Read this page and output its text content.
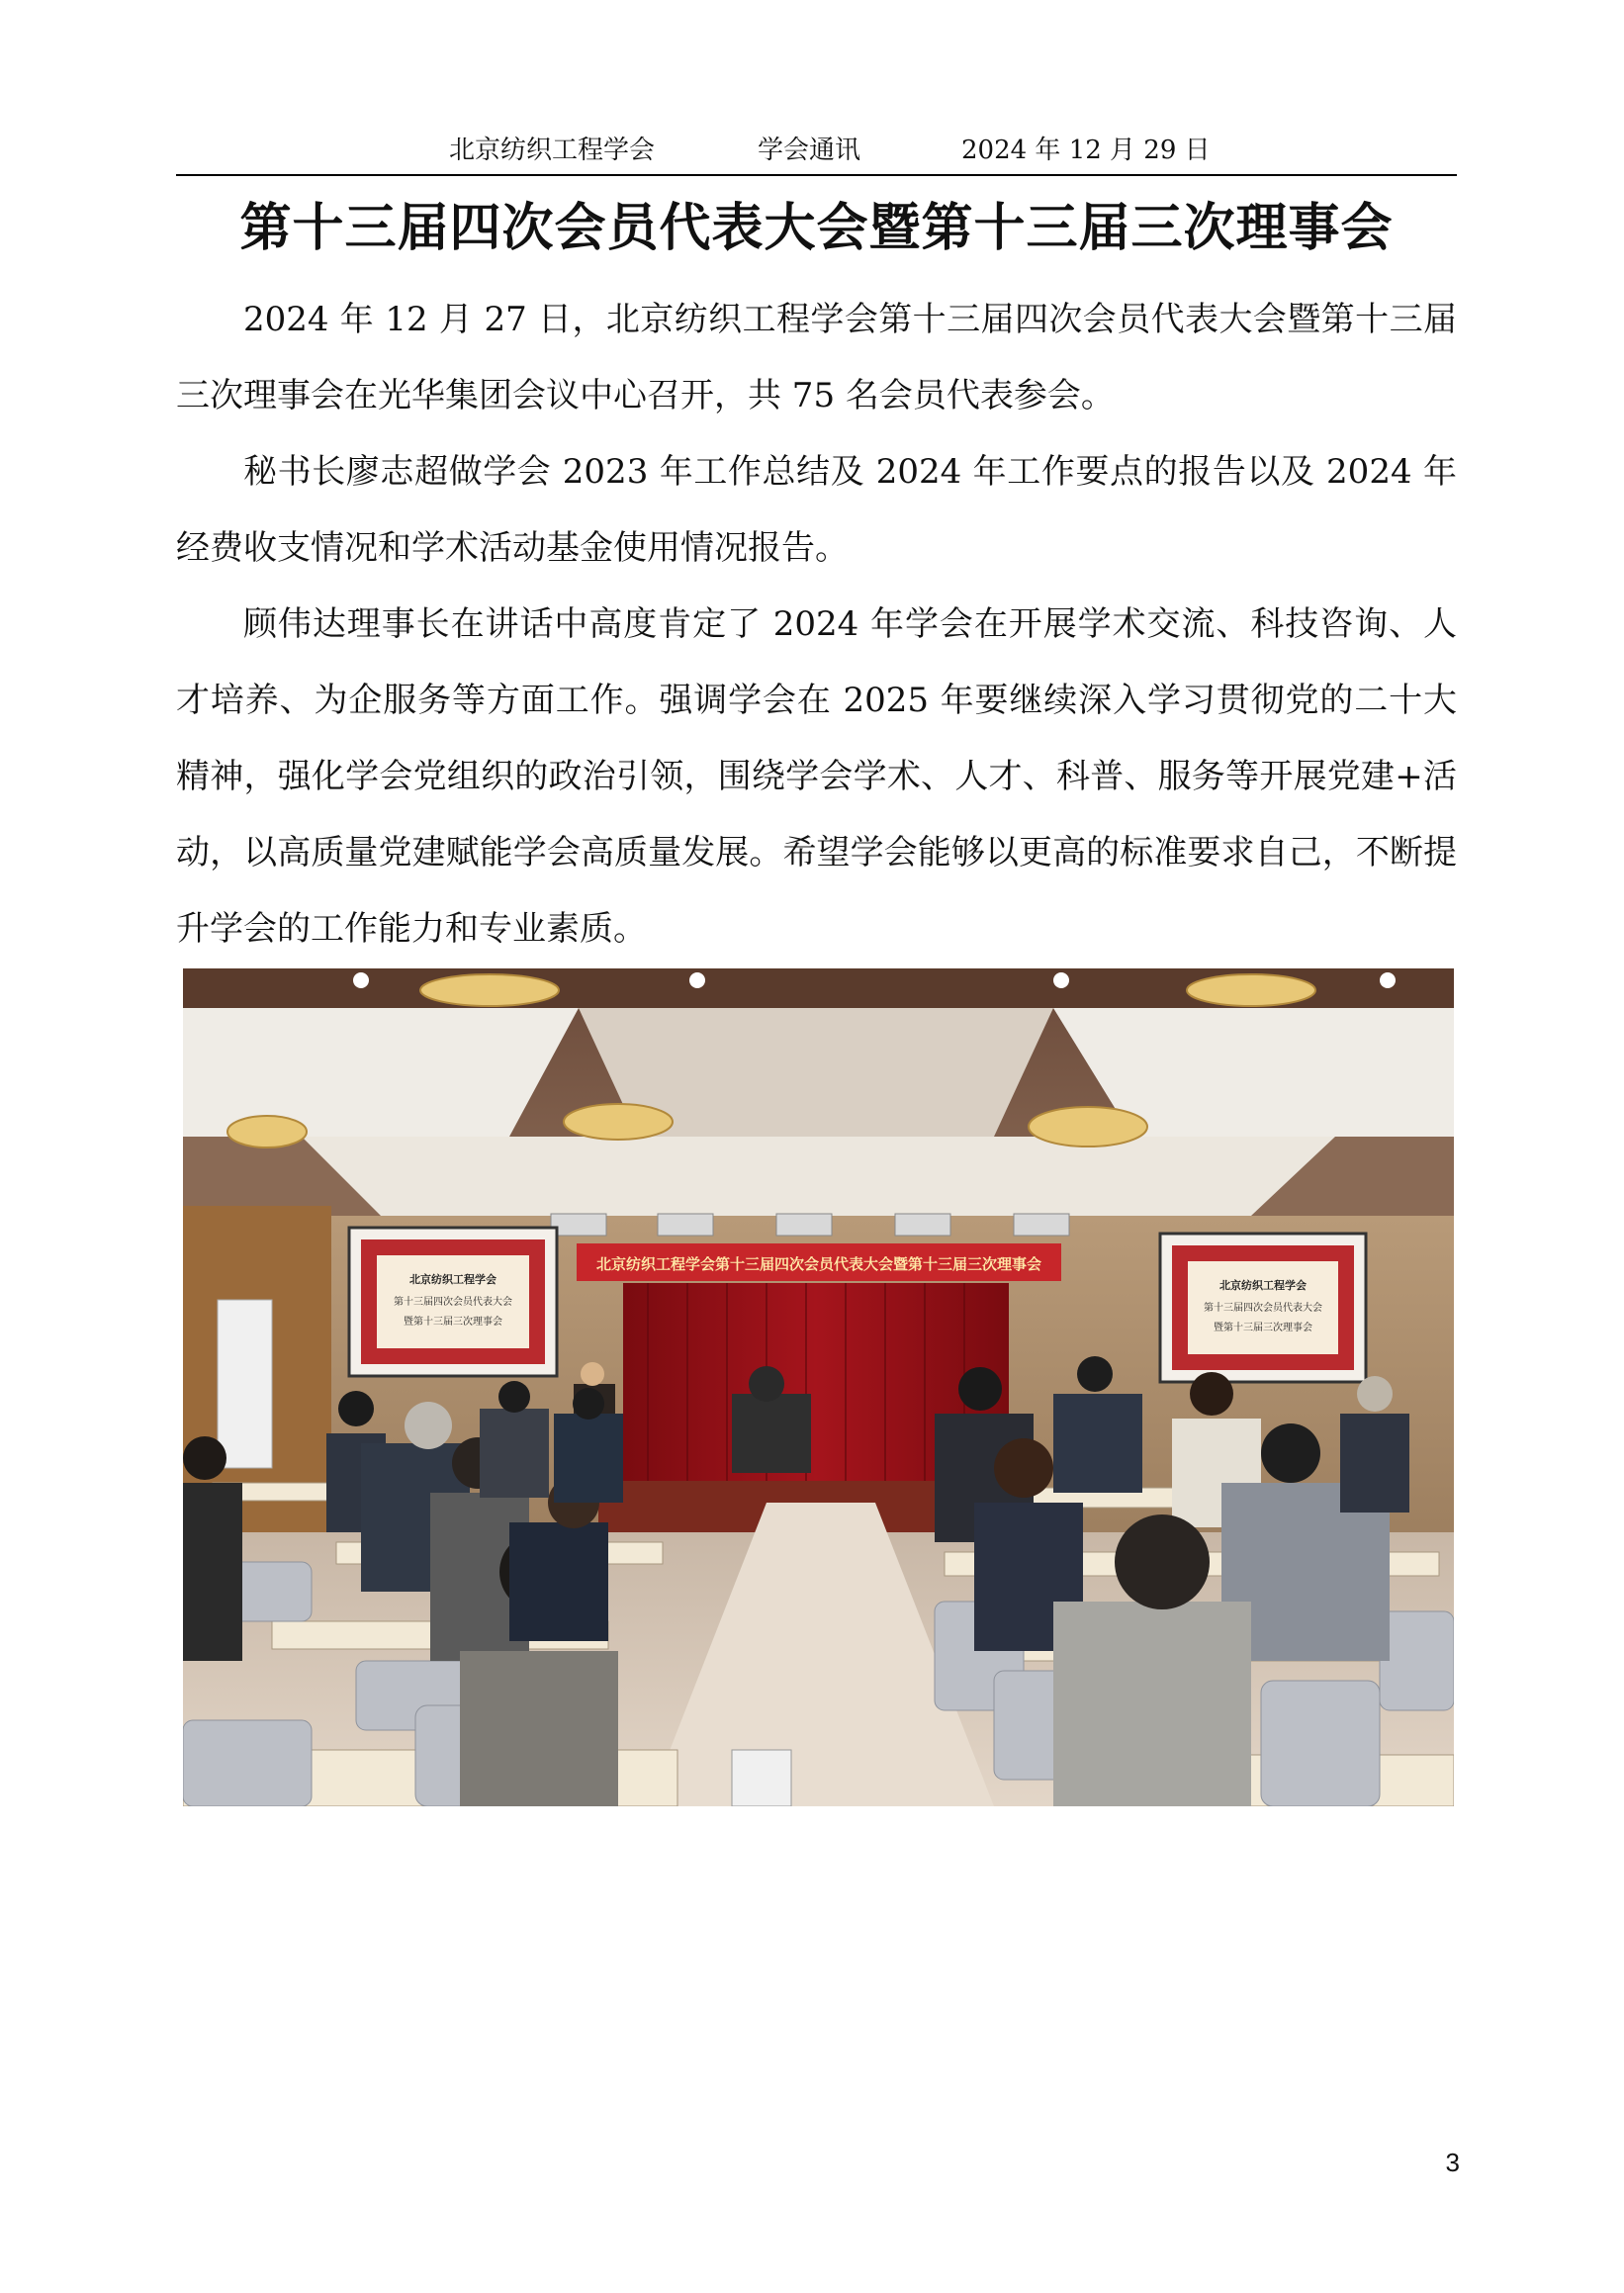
北京纺织工程学会	学会通讯	2024 年 12 月 29 日
第十三届四次会员代表大会暨第十三届三次理事会

2024 年 12 月 27 日，北京纺织工程学会第十三届四次会员代表大会暨第十三届三次理事会在光华集团会议中心召开，共 75 名会员代表参会。

秘书长廖志超做学会 2023 年工作总结及 2024 年工作要点的报告以及 2024 年经费收支情况和学术活动基金使用情况报告。

顾伟达理事长在讲话中高度肯定了 2024 年学会在开展学术交流、科技咨询、人才培养、为企服务等方面工作。强调学会在 2025 年要继续深入学习贯彻党的二十大精神，强化学会党组织的政治引领，围绕学会学术、人才、科普、服务等开展党建+活动，以高质量党建赋能学会高质量发展。希望学会能够以更高的标准要求自己，不断提升学会的工作能力和专业素质。

北京纺织工程学会第十三届四次会员代表大会暨第十三届三次理事会
北京纺织工程学会
第十三届四次会员代表大会
暨第十三届三次理事会
北京纺织工程学会
第十三届四次会员代表大会
暨第十三届三次理事会
3
